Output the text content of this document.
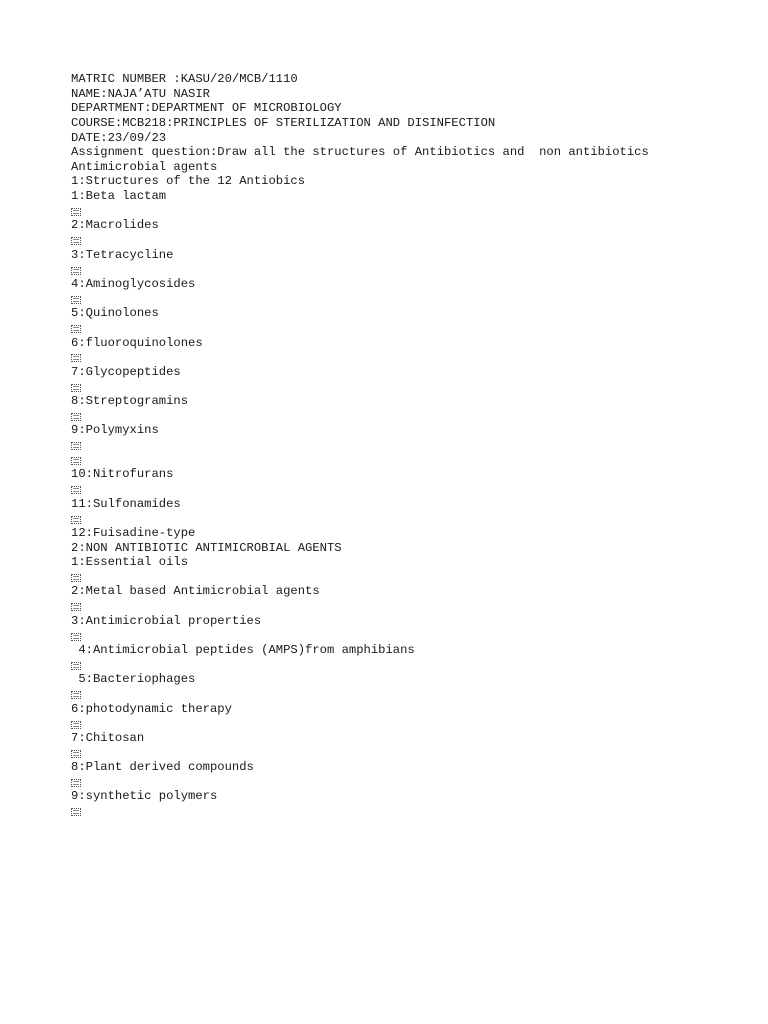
MATRIC NUMBER :KASU/20/MCB/1110
NAME:NAJA’ATU NASIR
DEPARTMENT:DEPARTMENT OF MICROBIOLOGY
COURSE:MCB218:PRINCIPLES OF STERILIZATION AND DISINFECTION
DATE:23/09/23
Assignment question:Draw all the structures of Antibiotics and  non antibiotics
Antimicrobial agents
1:Structures of the 12 Antiobics
1:Beta lactam
2:Macrolides
3:Tetracycline
4:Aminoglycosides
5:Quinolones
6:fluoroquinolones
7:Glycopeptides
8:Streptogramins
9:Polymyxins
10:Nitrofurans
11:Sulfonamides
12:Fuisadine-type
2:NON ANTIBIOTIC ANTIMICROBIAL AGENTS
1:Essential oils
2:Metal based Antimicrobial agents
3:Antimicrobial properties
4:Antimicrobial peptides (AMPS)from amphibians
5:Bacteriophages
6:photodynamic therapy
7:Chitosan
8:Plant derived compounds
9:synthetic polymers
